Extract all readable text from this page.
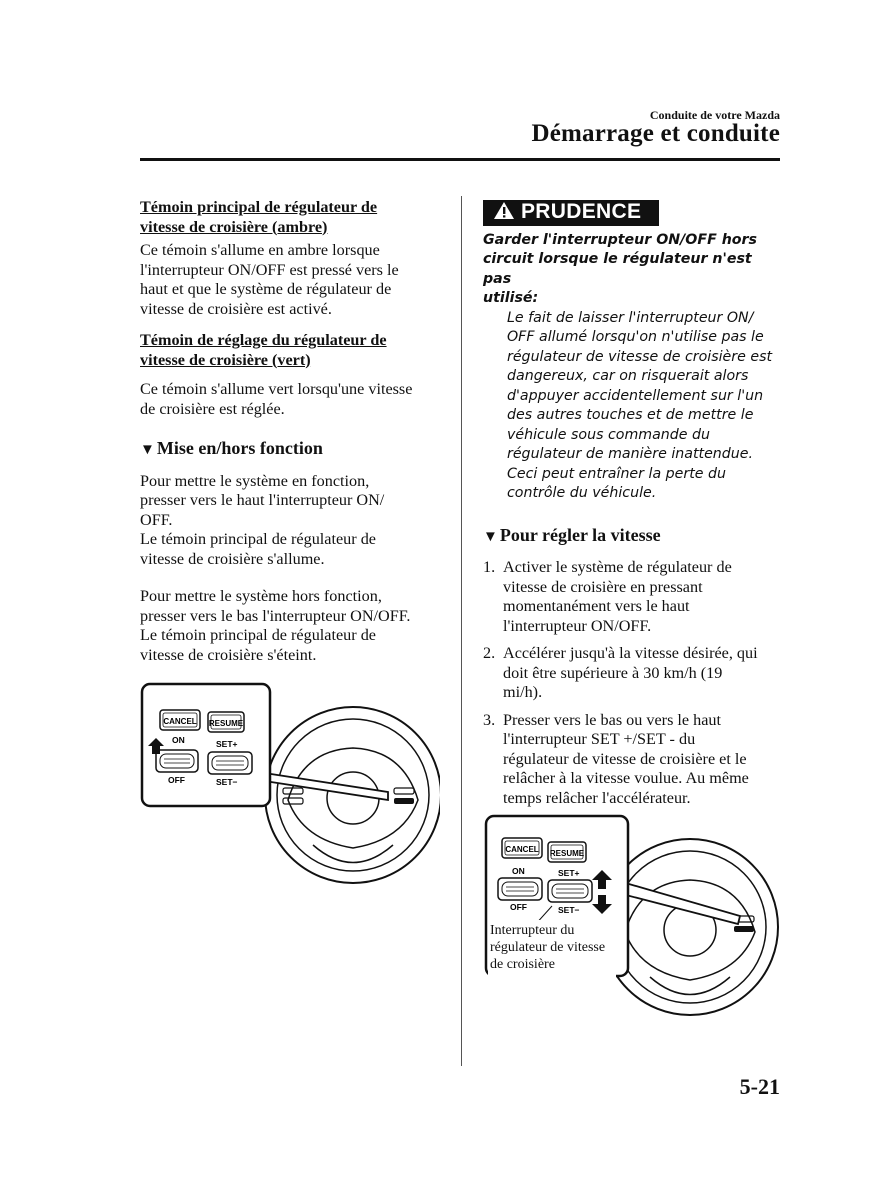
Conduite de votre Mazda
Démarrage et conduite
Témoin principal de régulateur de
vitesse de croisière (ambre)

Ce témoin s'allume en ambre lorsque
l'interrupteur ON/OFF est pressé vers le
haut et que le système de régulateur de
vitesse de croisière est activé.

Témoin de réglage du régulateur de
vitesse de croisière (vert)

Ce témoin s'allume vert lorsqu'une vitesse
de croisière est réglée.

▼ Mise en/hors fonction

Pour mettre le système en fonction,
presser vers le haut l'interrupteur ON/
OFF.
Le témoin principal de régulateur de
vitesse de croisière s'allume.

Pour mettre le système hors fonction,
presser vers le bas l'interrupteur ON/OFF.
Le témoin principal de régulateur de
vitesse de croisière s'éteint.

CANCEL RESUME
ON	SET+
OFF	SET−
PRUDENCE
Garder l'interrupteur ON/OFF hors
circuit lorsque le régulateur n'est pas
utilisé:
Le fait de laisser l'interrupteur ON/
OFF allumé lorsqu'on n'utilise pas le
régulateur de vitesse de croisière est
dangereux, car on risquerait alors
d'appuyer accidentellement sur l'un
des autres touches et de mettre le
véhicule sous commande du
régulateur de manière inattendue.
Ceci peut entraîner la perte du
contrôle du véhicule.
▼ Pour régler la vitesse
1. Activer le système de régulateur de
vitesse de croisière en pressant
momentanément vers le haut
l'interrupteur ON/OFF.
2. Accélérer jusqu'à la vitesse désirée, qui
doit être supérieure à 30 km/h (19
mi/h).
3. Presser vers le bas ou vers le haut
l'interrupteur SET +/SET - du
régulateur de vitesse de croisière et le
relâcher à la vitesse voulue. Au même
temps relâcher l'accélérateur.
CANCEL RESUME
ON	SET+
OFF	SET−
Interrupteur du
régulateur de vitesse
de croisière
5-21
